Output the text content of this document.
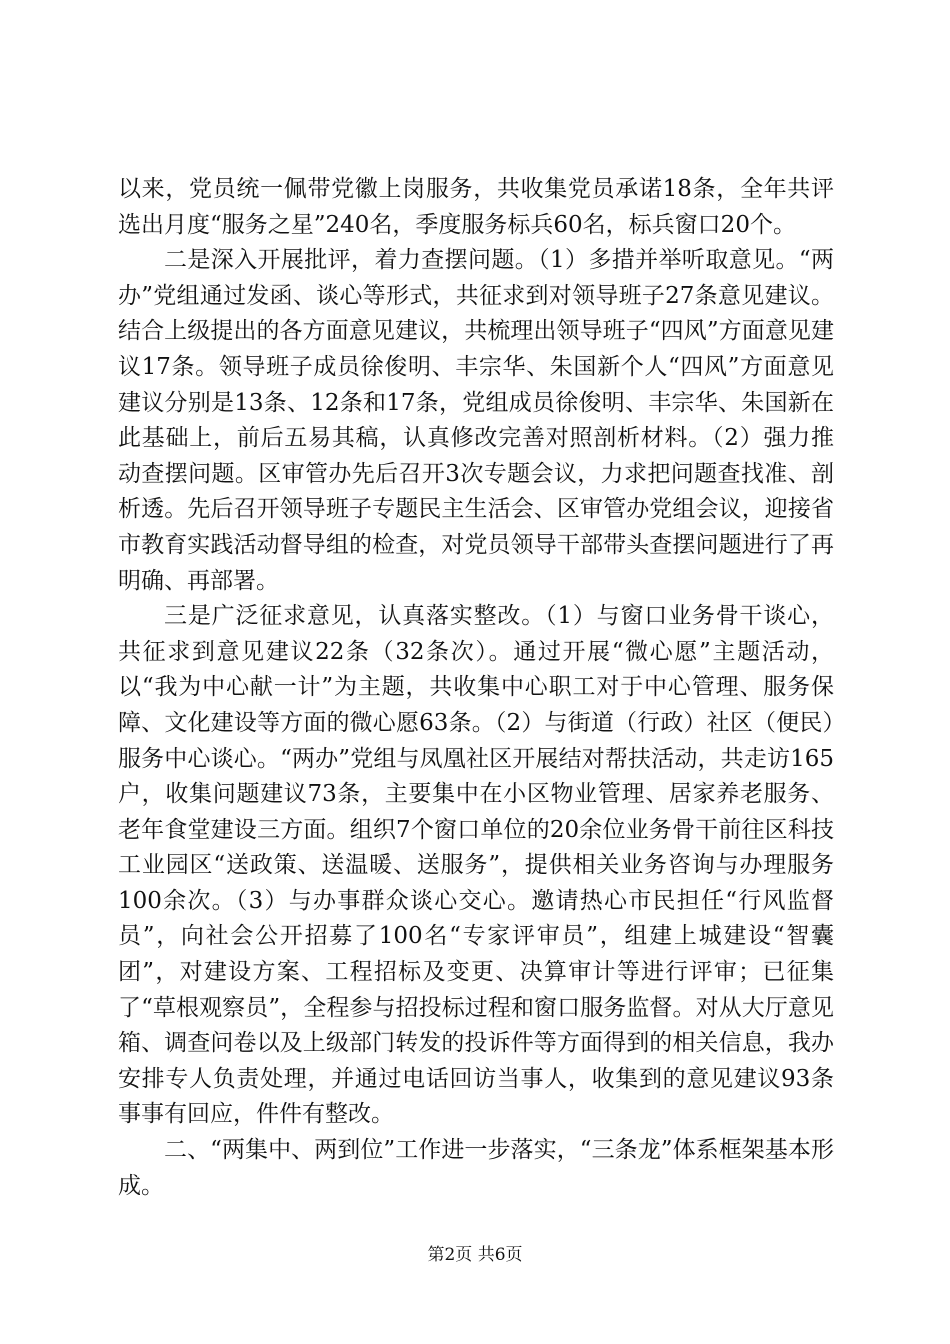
以来，党员统一佩带党徽上岗服务，共收集党员承诺18条，全年共评选出月度“服务之星”240名，季度服务标兵60名，标兵窗口20个。

二是深入开展批评，着力查摆问题。（1）多措并举听取意见。“两办”党组通过发函、谈心等形式，共征求到对领导班子27条意见建议。结合上级提出的各方面意见建议，共梳理出领导班子“四风”方面意见建议17条。领导班子成员徐俊明、丰宗华、朱国新个人“四风”方面意见建议分别是13条、12条和17条，党组成员徐俊明、丰宗华、朱国新在此基础上，前后五易其稿，认真修改完善对照剖析材料。（2）强力推动查摆问题。区审管办先后召开3次专题会议，力求把问题查找准、剖析透。先后召开领导班子专题民主生活会、区审管办党组会议，迎接省市教育实践活动督导组的检查，对党员领导干部带头查摆问题进行了再明确、再部署。

三是广泛征求意见，认真落实整改。（1）与窗口业务骨干谈心，共征求到意见建议22条（32条次）。通过开展“微心愿”主题活动，以“我为中心献一计”为主题，共收集中心职工对于中心管理、服务保障、文化建设等方面的微心愿63条。（2）与街道（行政）社区（便民）服务中心谈心。“两办”党组与凤凰社区开展结对帮扶活动，共走访165户，收集问题建议73条，主要集中在小区物业管理、居家养老服务、老年食堂建设三方面。组织7个窗口单位的20余位业务骨干前往区科技工业园区“送政策、送温暖、送服务”，提供相关业务咨询与办理服务100余次。（3）与办事群众谈心交心。邀请热心市民担任“行风监督员”，向社会公开招募了100名“专家评审员”，组建上城建设“智囊团”，对建设方案、工程招标及变更、决算审计等进行评审；已征集了“草根观察员”，全程参与招投标过程和窗口服务监督。对从大厅意见箱、调查问卷以及上级部门转发的投诉件等方面得到的相关信息，我办安排专人负责处理，并通过电话回访当事人，收集到的意见建议93条事事有回应，件件有整改。

二、“两集中、两到位”工作进一步落实，“三条龙”体系框架基本形成。

第2页 共6页
